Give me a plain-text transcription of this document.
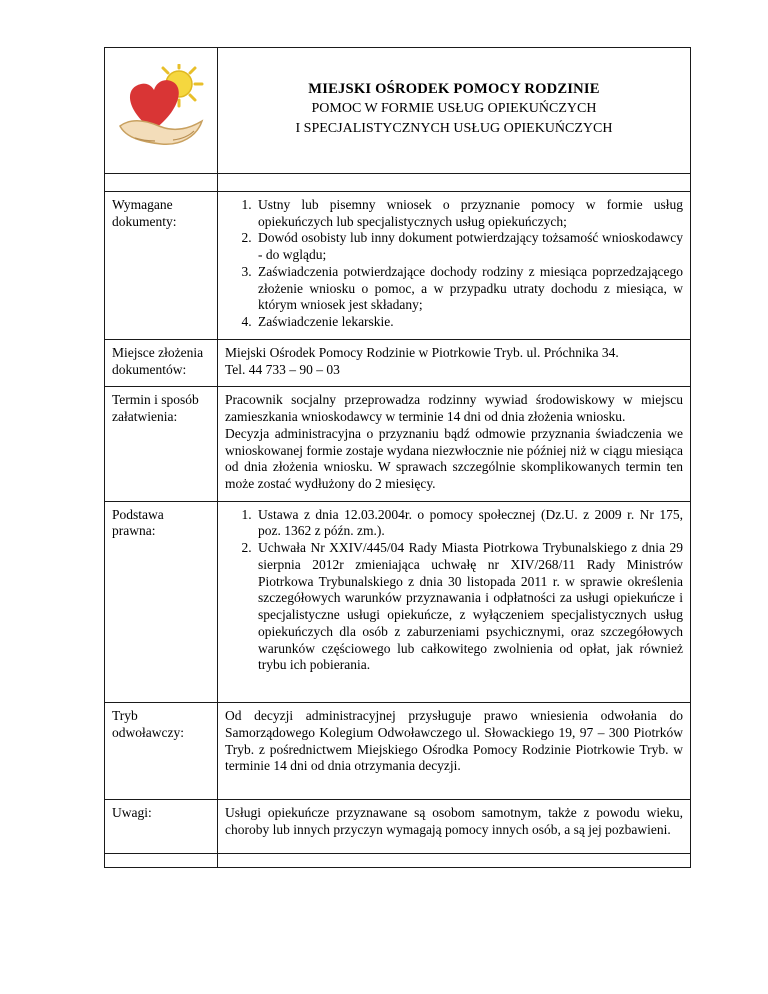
MIEJSKI OŚRODEK POMOCY RODZINIE
POMOC W FORMIE USŁUG OPIEKUŃCZYCH
I SPECJALISTYCZNYCH USŁUG OPIEKUŃCZYCH

Wymagane dokumenty:	
1. Ustny lub pisemny wniosek o przyznanie pomocy w formie usług opiekuńczych lub specjalistycznych usług opiekuńczych;
2. Dowód osobisty lub inny dokument potwierdzający tożsamość wnioskodawcy - do wglądu;
3. Zaświadczenia potwierdzające dochody rodziny z miesiąca poprzedzającego złożenie wniosku o pomoc, a w przypadku utraty dochodu z miesiąca, w którym wniosek jest składany;
4. Zaświadczenie lekarskie.

Miejsce złożenia dokumentów:	Miejski Ośrodek Pomocy Rodzinie w Piotrkowie Tryb. ul. Próchnika 34.

Tel. 44 733 – 90 – 03

Termin i sposób załatwienia:	Pracownik socjalny przeprowadza rodzinny wywiad środowiskowy w miejscu zamieszkania wnioskodawcy w terminie 14 dni od dnia złożenia wniosku.

Decyzja administracyjna o przyznaniu bądź odmowie przyznania świadczenia we wnioskowanej formie zostaje wydana niezwłocznie nie później niż w ciągu miesiąca od dnia złożenia wniosku. W sprawach szczególnie skomplikowanych termin ten może zostać wydłużony do 2 miesięcy.

Podstawa prawna:	
1. Ustawa z dnia 12.03.2004r. o pomocy społecznej (Dz.U. z 2009 r. Nr 175, poz. 1362 z późn. zm.).
2. Uchwała Nr XXIV/445/04 Rady Miasta Piotrkowa Trybunalskiego z dnia 29 sierpnia 2012r zmieniająca uchwałę nr XIV/268/11 Rady Ministrów Piotrkowa Trybunalskiego z dnia 30 listopada 2011 r. w sprawie określenia szczegółowych warunków przyznawania i odpłatności za usługi opiekuńcze i specjalistyczne usługi opiekuńcze, z wyłączeniem specjalistycznych usług opiekuńczych dla osób z zaburzeniami psychicznymi, oraz szczegółowych warunków częściowego lub całkowitego zwolnienia od opłat, jak również trybu ich pobierania.

Tryb odwoławczy:	Od decyzji administracyjnej przysługuje prawo wniesienia odwołania do Samorządowego Kolegium Odwoławczego ul. Słowackiego 19, 97 – 300 Piotrków Tryb. z pośrednictwem Miejskiego Ośrodka Pomocy Rodzinie Piotrkowie Tryb. w terminie 14 dni od dnia otrzymania decyzji.

Uwagi:	Usługi opiekuńcze przyznawane są osobom samotnym, także z powodu wieku, choroby lub innych przyczyn wymagają pomocy innych osób, a są jej pozbawieni.
